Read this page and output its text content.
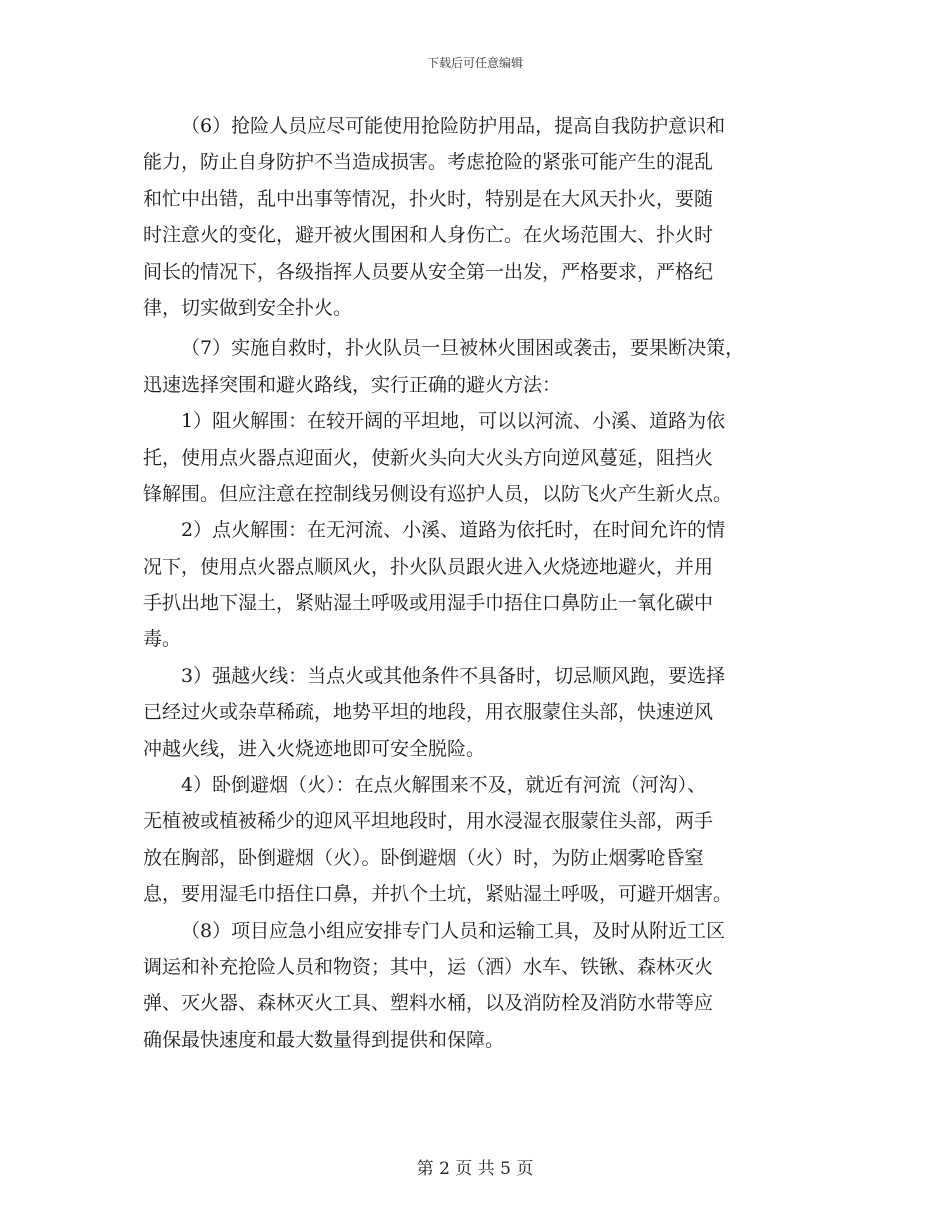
下载后可任意编辑
（6）抢险人员应尽可能使用抢险防护用品，提高自我防护意识和
能力，防止自身防护不当造成损害。考虑抢险的紧张可能产生的混乱
和忙中出错，乱中出事等情况，扑火时，特别是在大风天扑火，要随
时注意火的变化，避开被火围困和人身伤亡。在火场范围大、扑火时
间长的情况下，各级指挥人员要从安全第一出发，严格要求，严格纪
律，切实做到安全扑火。
（7）实施自救时，扑火队员一旦被林火围困或袭击，要果断决策，
迅速选择突围和避火路线，实行正确的避火方法：
1）阻火解围：在较开阔的平坦地，可以以河流、小溪、道路为依
托，使用点火器点迎面火，使新火头向大火头方向逆风蔓延，阻挡火
锋解围。但应注意在控制线另侧设有巡护人员，以防飞火产生新火点。
2）点火解围：在无河流、小溪、道路为依托时，在时间允许的情
况下，使用点火器点顺风火，扑火队员跟火进入火烧迹地避火，并用
手扒出地下湿土，紧贴湿土呼吸或用湿手巾捂住口鼻防止一氧化碳中
毒。
3）强越火线：当点火或其他条件不具备时，切忌顺风跑，要选择
已经过火或杂草稀疏，地势平坦的地段，用衣服蒙住头部，快速逆风
冲越火线，进入火烧迹地即可安全脱险。
4）卧倒避烟（火）：在点火解围来不及，就近有河流（河沟）、
无植被或植被稀少的迎风平坦地段时，用水浸湿衣服蒙住头部，两手
放在胸部，卧倒避烟（火）。卧倒避烟（火）时，为防止烟雾呛昏窒
息，要用湿毛巾捂住口鼻，并扒个土坑，紧贴湿土呼吸，可避开烟害。
（8）项目应急小组应安排专门人员和运输工具，及时从附近工区
调运和补充抢险人员和物资；其中，运（洒）水车、铁锹、森林灭火
弹、灭火器、森林灭火工具、塑料水桶，以及消防栓及消防水带等应
确保最快速度和最大数量得到提供和保障。
第 2 页 共 5 页
